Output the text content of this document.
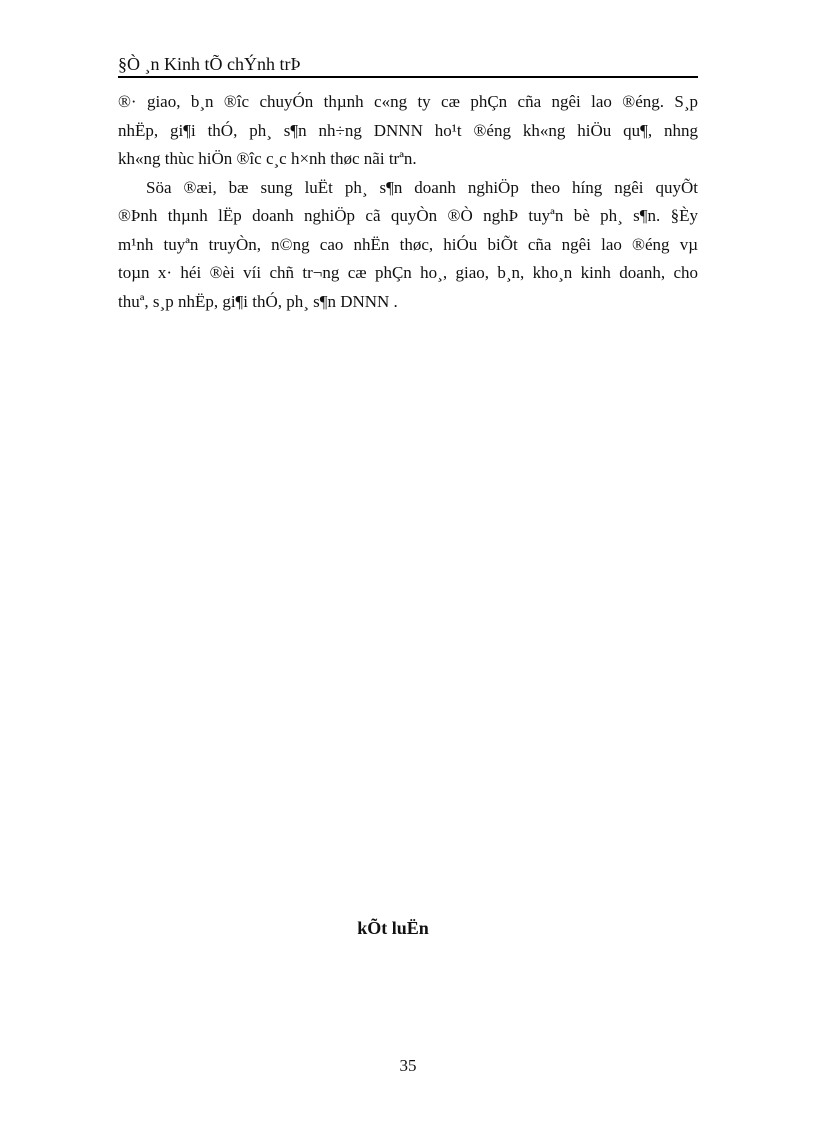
§Ò ¸n Kinh tÕ chÝnh trÞ

®· giao, b¸n ®îc chuyÓn thµnh c«ng ty cæ phÇn cña ngêi lao ®éng. S¸p
nhËp, gi¶i thÓ, ph¸ s¶n nh÷ng DNNN ho¹t ®éng kh«ng hiÖu qu¶, nhng
kh«ng thùc hiÖn ®îc c¸c h×nh thøc nãi trªn.

Söa ®æi, bæ sung luËt ph¸ s¶n doanh nghiÖp theo híng ngêi quyÕt
®Þnh thµnh lËp doanh nghiÖp cã quyÒn ®Ò nghÞ tuyªn bè ph¸ s¶n. §Èy
m¹nh tuyªn truyÒn, n©ng cao nhËn thøc, hiÓu biÕt cña ngêi lao ®éng vµ
toµn x· héi ®èi víi chñ tr¬ng cæ phÇn ho¸, giao, b¸n, kho¸n kinh doanh, cho
thuª, s¸p nhËp, gi¶i thÓ, ph¸ s¶n DNNN .

kÕt luËn
35
